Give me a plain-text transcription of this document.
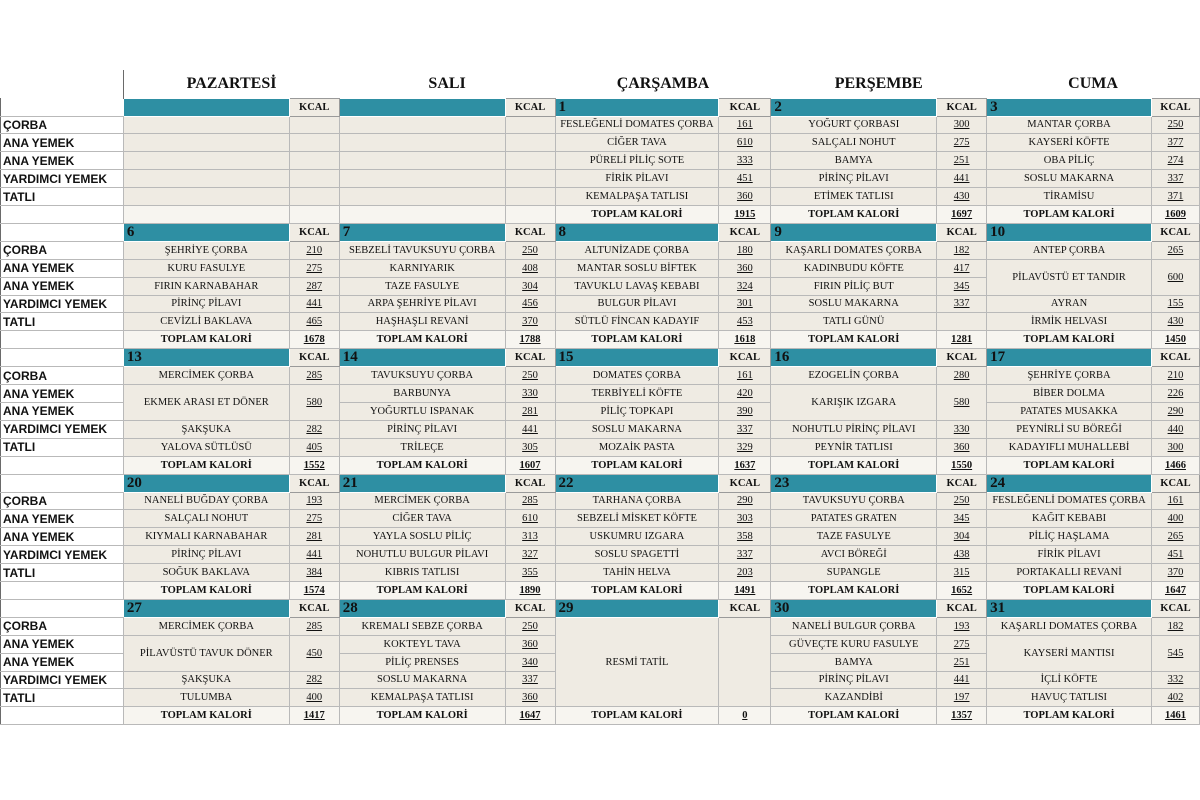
	PAZARTESİ		SALI		ÇARŞAMBA		PERŞEMBE		CUMA	
		KCAL		KCAL	1	KCAL	2	KCAL	3	KCAL
ÇORBA					FESLEĞENLİ DOMATES ÇORBA	161	YOĞURT ÇORBASI	300	MANTAR ÇORBA	250
ANA YEMEK					CİĞER TAVA	610	SALÇALI NOHUT	275	KAYSERİ KÖFTE	377
ANA YEMEK					PÜRELİ PİLİÇ SOTE	333	BAMYA	251	OBA PİLİÇ	274
YARDIMCI YEMEK					FİRİK PİLAVI	451	PİRİNÇ PİLAVI	441	SOSLU MAKARNA	337
TATLI					KEMALPAŞA TATLISI	360	ETİMEK TATLISI	430	TİRAMİSU	371
					TOPLAM KALORİ	1915	TOPLAM KALORİ	1697	TOPLAM KALORİ	1609
	6	KCAL	7	KCAL	8	KCAL	9	KCAL	10	KCAL
ÇORBA	ŞEHRİYE ÇORBA	210	SEBZELİ TAVUKSUYU ÇORBA	250	ALTUNİZADE ÇORBA	180	KAŞARLI DOMATES ÇORBA	182	ANTEP ÇORBA	265
ANA YEMEK	KURU FASULYE	275	KARNIYARIK	408	MANTAR SOSLU BİFTEK	360	KADINBUDU KÖFTE	417	PİLAVÜSTÜ ET TANDIR	600
ANA YEMEK	FIRIN KARNABAHAR	287	TAZE FASULYE	304	TAVUKLU LAVAŞ KEBABI	324	FIRIN PİLİÇ BUT	345		
YARDIMCI YEMEK	PİRİNÇ PİLAVI	441	ARPA ŞEHRİYE PİLAVI	456	BULGUR PİLAVI	301	SOSLU MAKARNA	337	AYRAN	155
TATLI	CEVİZLİ BAKLAVA	465	HAŞHAŞLI REVANİ	370	SÜTLÜ FİNCAN KADAYIF	453	TATLI GÜNÜ		İRMİK HELVASI	430
	TOPLAM KALORİ	1678	TOPLAM KALORİ	1788	TOPLAM KALORİ	1618	TOPLAM KALORİ	1281	TOPLAM KALORİ	1450
	13	KCAL	14	KCAL	15	KCAL	16	KCAL	17	KCAL
ÇORBA	MERCİMEK ÇORBA	285	TAVUKSUYU ÇORBA	250	DOMATES ÇORBA	161	EZOGELİN ÇORBA	280	ŞEHRİYE ÇORBA	210
ANA YEMEK	EKMEK ARASI ET DÖNER	580	BARBUNYA	330	TERBİYELİ KÖFTE	420	KARIŞIK IZGARA	580	BİBER DOLMA	226
ANA YEMEK			YOĞURTLU ISPANAK	281	PİLİÇ TOPKAPI	390			PATATES MUSAKKA	290
YARDIMCI YEMEK	ŞAKŞUKA	282	PİRİNÇ PİLAVI	441	SOSLU MAKARNA	337	NOHUTLU PİRİNÇ PİLAVI	330	PEYNİRLİ SU BÖREĞİ	440
TATLI	YALOVA SÜTLÜSÜ	405	TRİLEÇE	305	MOZAİK PASTA	329	PEYNİR TATLISI	360	KADAYIFLI MUHALLEBİ	300
	TOPLAM KALORİ	1552	TOPLAM KALORİ	1607	TOPLAM KALORİ	1637	TOPLAM KALORİ	1550	TOPLAM KALORİ	1466
	20	KCAL	21	KCAL	22	KCAL	23	KCAL	24	KCAL
ÇORBA	NANELİ BUĞDAY ÇORBA	193	MERCİMEK ÇORBA	285	TARHANA ÇORBA	290	TAVUKSUYU ÇORBA	250	FESLEĞENLİ DOMATES ÇORBA	161
ANA YEMEK	SALÇALI NOHUT	275	CİĞER TAVA	610	SEBZELİ MİSKET KÖFTE	303	PATATES GRATEN	345	KAĞIT KEBABI	400
ANA YEMEK	KIYMALI KARNABAHAR	281	YAYLA SOSLU PİLİÇ	313	USKUMRU IZGARA	358	TAZE FASULYE	304	PİLİÇ HAŞLAMA	265
YARDIMCI YEMEK	PİRİNÇ PİLAVI	441	NOHUTLU BULGUR PİLAVI	327	SOSLU SPAGETTİ	337	AVCI BÖREĞİ	438	FİRİK PİLAVI	451
TATLI	SOĞUK BAKLAVA	384	KIBRIS TATLISI	355	TAHİN HELVA	203	SUPANGLE	315	PORTAKALLI REVANİ	370
	TOPLAM KALORİ	1574	TOPLAM KALORİ	1890	TOPLAM KALORİ	1491	TOPLAM KALORİ	1652	TOPLAM KALORİ	1647
	27	KCAL	28	KCAL	29	KCAL	30	KCAL	31	KCAL
ÇORBA	MERCİMEK ÇORBA	285	KREMALI SEBZE ÇORBA	250	RESMİ TATİL		NANELİ BULGUR ÇORBA	193	KAŞARLI DOMATES ÇORBA	182
ANA YEMEK	PİLAVÜSTÜ TAVUK DÖNER	450	KOKTEYL TAVA	360			GÜVEÇTE KURU FASULYE	275	KAYSERİ MANTISI	545
ANA YEMEK			PİLİÇ PRENSES	340			BAMYA	251		
YARDIMCI YEMEK	ŞAKŞUKA	282	SOSLU MAKARNA	337			PİRİNÇ PİLAVI	441	İÇLİ KÖFTE	332
TATLI	TULUMBA	400	KEMALPAŞA TATLISI	360			KAZANDİBİ	197	HAVUÇ TATLISI	402
	TOPLAM KALORİ	1417	TOPLAM KALORİ	1647	TOPLAM KALORİ	0	TOPLAM KALORİ	1357	TOPLAM KALORİ	1461
